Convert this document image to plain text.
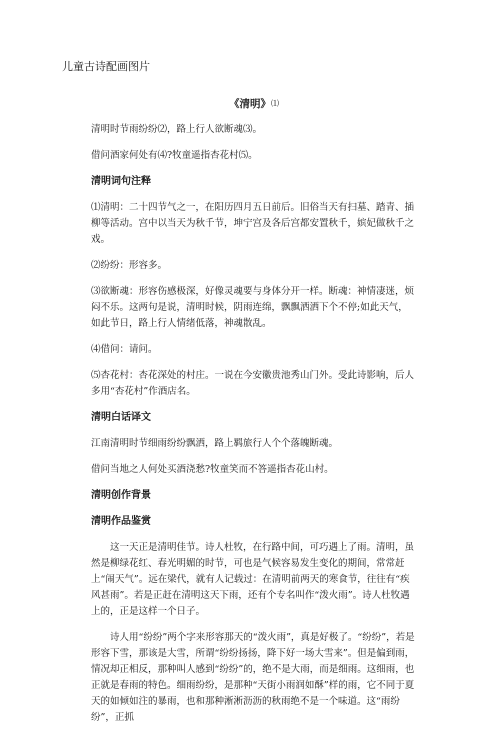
儿童古诗配画图片

《清明》⑴

清明时节雨纷纷⑵，路上行人欲断魂⑶。

借问酒家何处有⑷?牧童遥指杏花村⑸。

清明词句注释

⑴清明：二十四节气之一，在阳历四月五日前后。旧俗当天有扫墓、踏青、插柳等活动。宫中以当天为秋千节，坤宁宫及各后宫都安置秋千，嫔妃做秋千之戏。

⑵纷纷：形容多。

⑶欲断魂：形容伤感极深，好像灵魂要与身体分开一样。断魂：神情凄迷，烦闷不乐。这两句是说，清明时候，阴雨连绵，飘飘洒洒下个不停;如此天气，如此节日，路上行人情绪低落，神魂散乱。

⑷借问：请问。

⑸杏花村：杏花深处的村庄。一说在今安徽贵池秀山门外。受此诗影响，后人多用“杏花村”作酒店名。

清明白话译文

江南清明时节细雨纷纷飘洒，路上羁旅行人个个落魄断魂。

借问当地之人何处买酒浇愁?牧童笑而不答遥指杏花山村。

清明创作背景

清明作品鉴赏

这一天正是清明佳节。诗人杜牧，在行路中间，可巧遇上了雨。清明，虽然是柳绿花红、春光明媚的时节，可也是气候容易发生变化的期间，常常赶上“闹天气”。远在梁代，就有人记载过：在清明前两天的寒食节，往往有“疾风甚雨”。若是正赶在清明这天下雨，还有个专名叫作“泼火雨”。诗人杜牧遇上的，正是这样一个日子。

诗人用“纷纷”两个字来形容那天的“泼火雨”，真是好极了。“纷纷”，若是形容下雪，那该是大雪，所谓“纷纷扬扬，降下好一场大雪来”。但是偏到雨，情况却正相反，那种叫人感到“纷纷”的，绝不是大雨，而是细雨。这细雨，也正就是春雨的特色。细雨纷纷，是那种“天街小雨润如酥”样的雨，它不同于夏天的如倾如注的暴雨，也和那种淅淅沥沥的秋雨绝不是一个味道。这“雨纷纷”，正抓
